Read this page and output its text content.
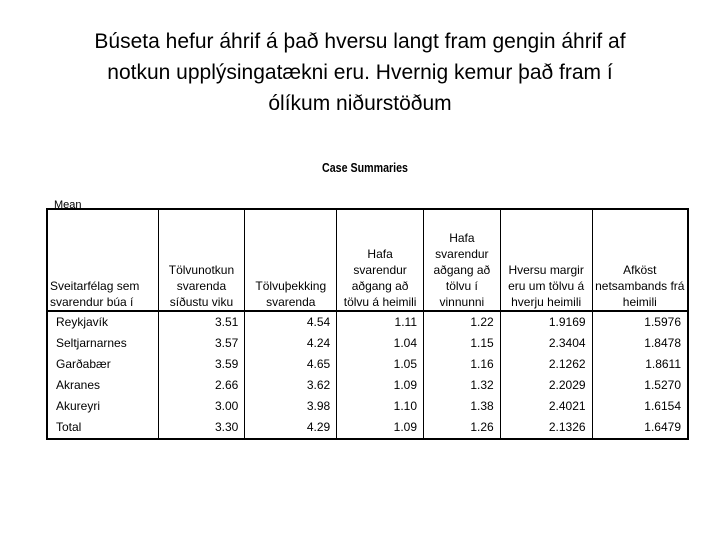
Búseta hefur áhrif á það hversu langt fram gengin áhrif af
notkun upplýsingatækni eru. Hvernig kemur það fram í
ólíkum niðurstöðum
Case Summaries
Mean
Sveitarfélag sem svarendur búa í	Tölvunotkun svarenda síðustu viku	Tölvuþekking svarenda	Hafa svarendur aðgang að tölvu á heimili	Hafa svarendur aðgang að tölvu í vinnunni	Hversu margir eru um tölvu á hverju heimili	Afköst netsambands frá heimili

Reykjavík	3.51	4.54	1.11	1.22	1.9169	1.5976
Seltjarnarnes	3.57	4.24	1.04	1.15	2.3404	1.8478
Garðabær	3.59	4.65	1.05	1.16	2.1262	1.8611
Akranes	2.66	3.62	1.09	1.32	2.2029	1.5270
Akureyri	3.00	3.98	1.10	1.38	2.4021	1.6154
Total	3.30	4.29	1.09	1.26	2.1326	1.6479
